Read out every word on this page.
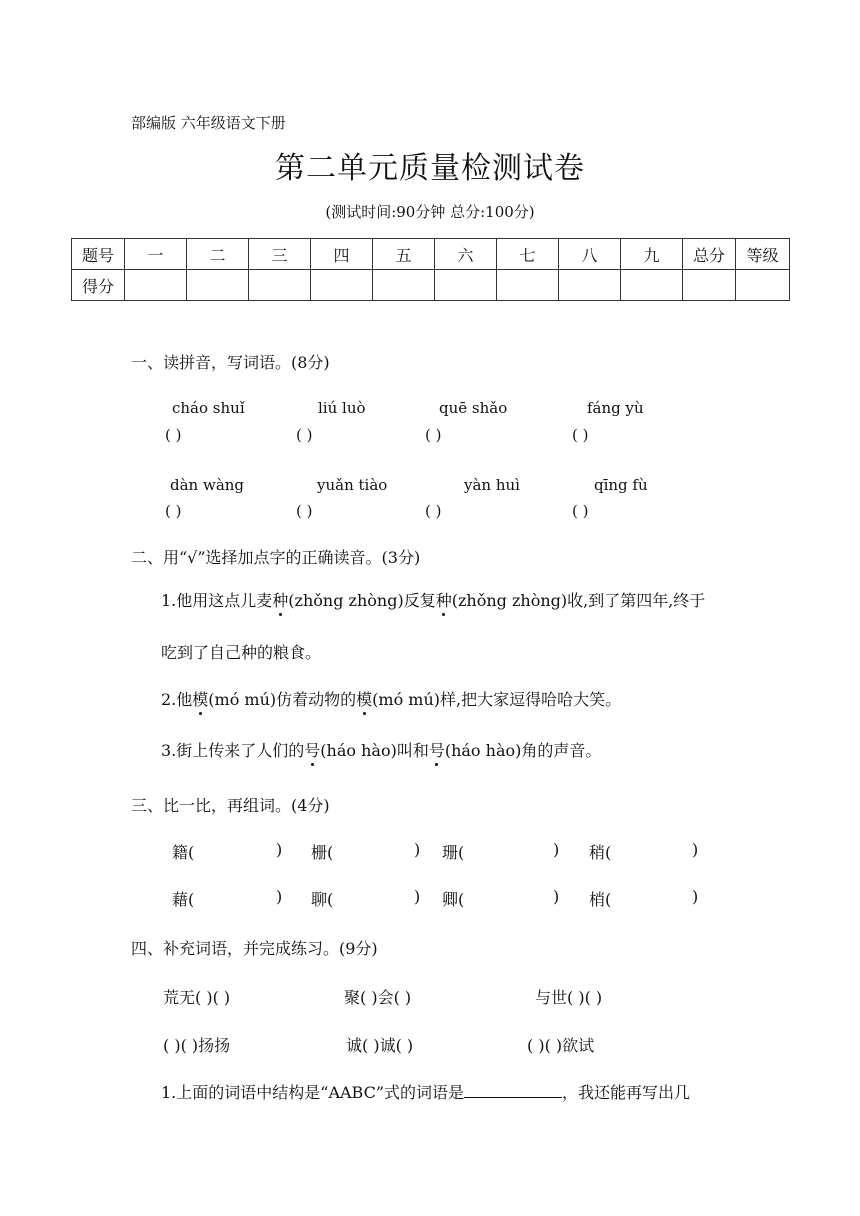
部编版 六年级语文下册
第二单元质量检测试卷
(测试时间:90分钟 总分:100分)
题号	一	二	三	四	五	六	七	八	九	总分	等级
得分											
一、读拼音，写词语。(8分)
cháo shuǐ	liú luò	quē shǎo	fáng yù
( )	( )	( )	( )
dàn wàng	yuǎn tiào	yàn huì	qīng fù
( )	( )	( )	( )
二、用“√”选择加点字的正确读音。(3分)
1.他用这点儿麦种(zhǒng zhòng)反复种(zhǒng zhòng)收,到了第四年,终于
吃到了自己种的粮食。
2.他模(mó mú)仿着动物的模(mó mú)样,把大家逗得哈哈大笑。
3.街上传来了人们的号(háo hào)叫和号(háo hào)角的声音。
三、比一比，再组词。(4分)
籍(	) 栅(	) 珊(	) 稍(	)
藉(	) 聊(	) 卿(	) 梢(	)
四、补充词语，并完成练习。(9分)
荒无( )( )	聚( )会( )	与世( )( )
( )( )扬扬	诚( )诚( )	( )( )欲试
1.上面的词语中结构是“AABC”式的词语是	，我还能再写出几
